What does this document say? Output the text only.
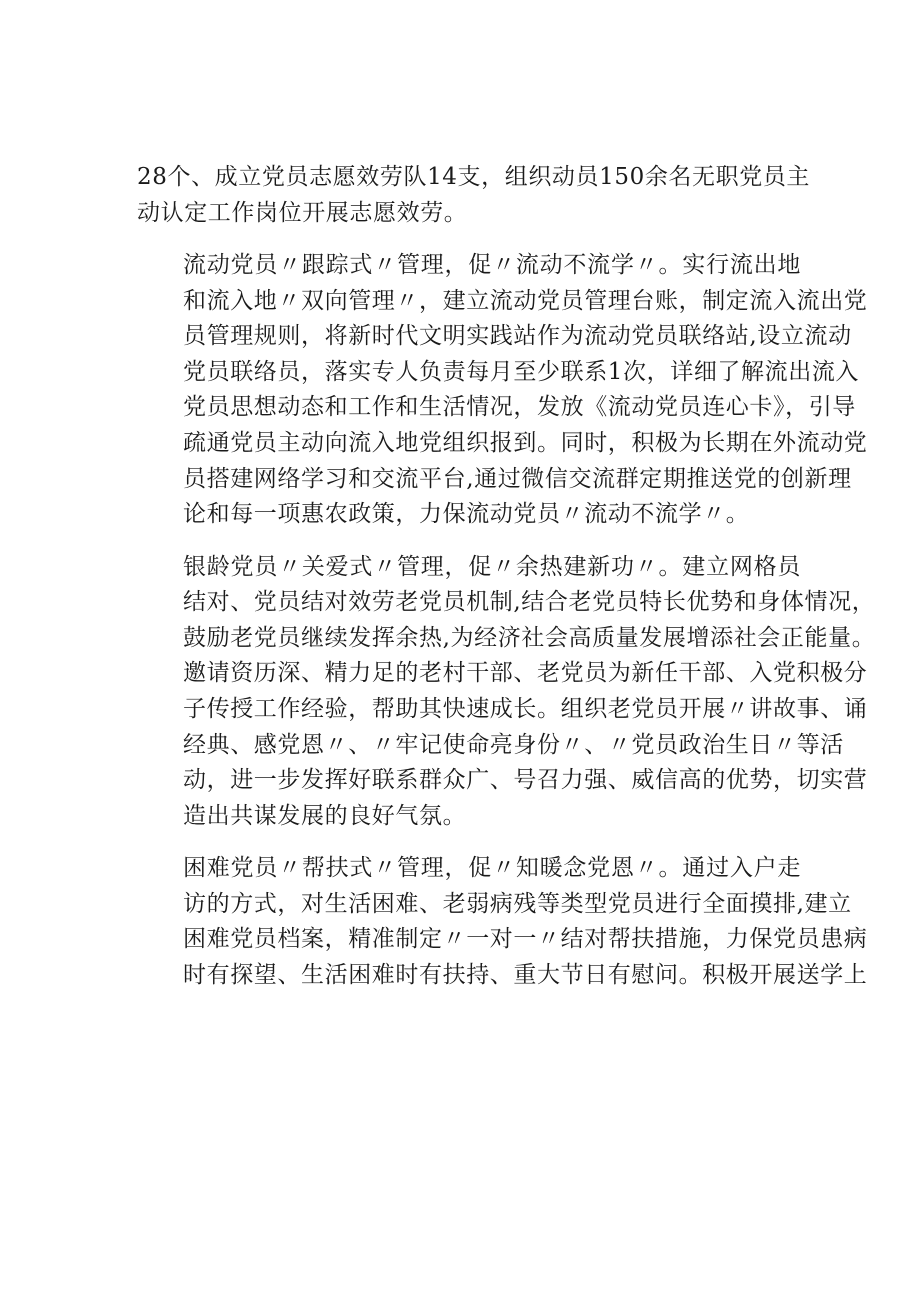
28个、成立党员志愿效劳队14支，组织动员150余名无职党员主
动认定工作岗位开展志愿效劳。

流动党员〃跟踪式〃管理，促〃流动不流学〃。实行流出地
和流入地〃双向管理〃，建立流动党员管理台账，制定流入流出党
员管理规则，将新时代文明实践站作为流动党员联络站,设立流动
党员联络员，落实专人负责每月至少联系1次，详细了解流出流入
党员思想动态和工作和生活情况，发放《流动党员连心卡》，引导
疏通党员主动向流入地党组织报到。同时，积极为长期在外流动党
员搭建网络学习和交流平台,通过微信交流群定期推送党的创新理
论和每一项惠农政策，力保流动党员〃流动不流学〃。

银龄党员〃关爱式〃管理，促〃余热建新功〃。建立网格员
结对、党员结对效劳老党员机制,结合老党员特长优势和身体情况，
鼓励老党员继续发挥余热,为经济社会高质量发展增添社会正能量。
邀请资历深、精力足的老村干部、老党员为新任干部、入党积极分
子传授工作经验，帮助其快速成长。组织老党员开展〃讲故事、诵
经典、感党恩〃、〃牢记使命亮身份〃、〃党员政治生日〃等活
动，进一步发挥好联系群众广、号召力强、威信高的优势，切实营
造出共谋发展的良好气氛。

困难党员〃帮扶式〃管理，促〃知暖念党恩〃。通过入户走
访的方式，对生活困难、老弱病残等类型党员进行全面摸排,建立
困难党员档案，精准制定〃一对一〃结对帮扶措施，力保党员患病
时有探望、生活困难时有扶持、重大节日有慰问。积极开展送学上
